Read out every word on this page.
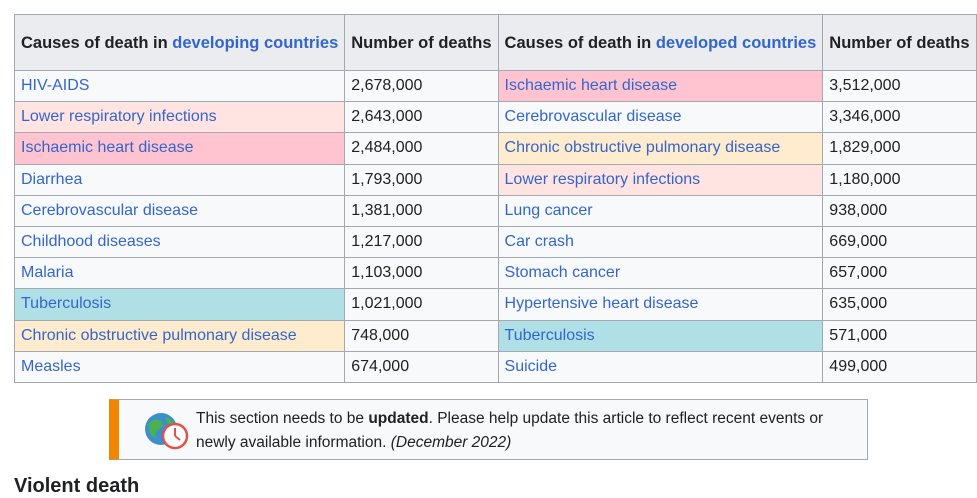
Causes of death in developing countries	Number of deaths	Causes of death in developed countries	Number of deaths
HIV-AIDS	2,678,000	Ischaemic heart disease	3,512,000
Lower respiratory infections	2,643,000	Cerebrovascular disease	3,346,000
Ischaemic heart disease	2,484,000	Chronic obstructive pulmonary disease	1,829,000
Diarrhea	1,793,000	Lower respiratory infections	1,180,000
Cerebrovascular disease	1,381,000	Lung cancer	938,000
Childhood diseases	1,217,000	Car crash	669,000
Malaria	1,103,000	Stomach cancer	657,000
Tuberculosis	1,021,000	Hypertensive heart disease	635,000
Chronic obstructive pulmonary disease	748,000	Tuberculosis	571,000
Measles	674,000	Suicide	499,000
This section needs to be updated. Please help update this article to reflect recent events or newly available information. (December 2022)
Violent death
